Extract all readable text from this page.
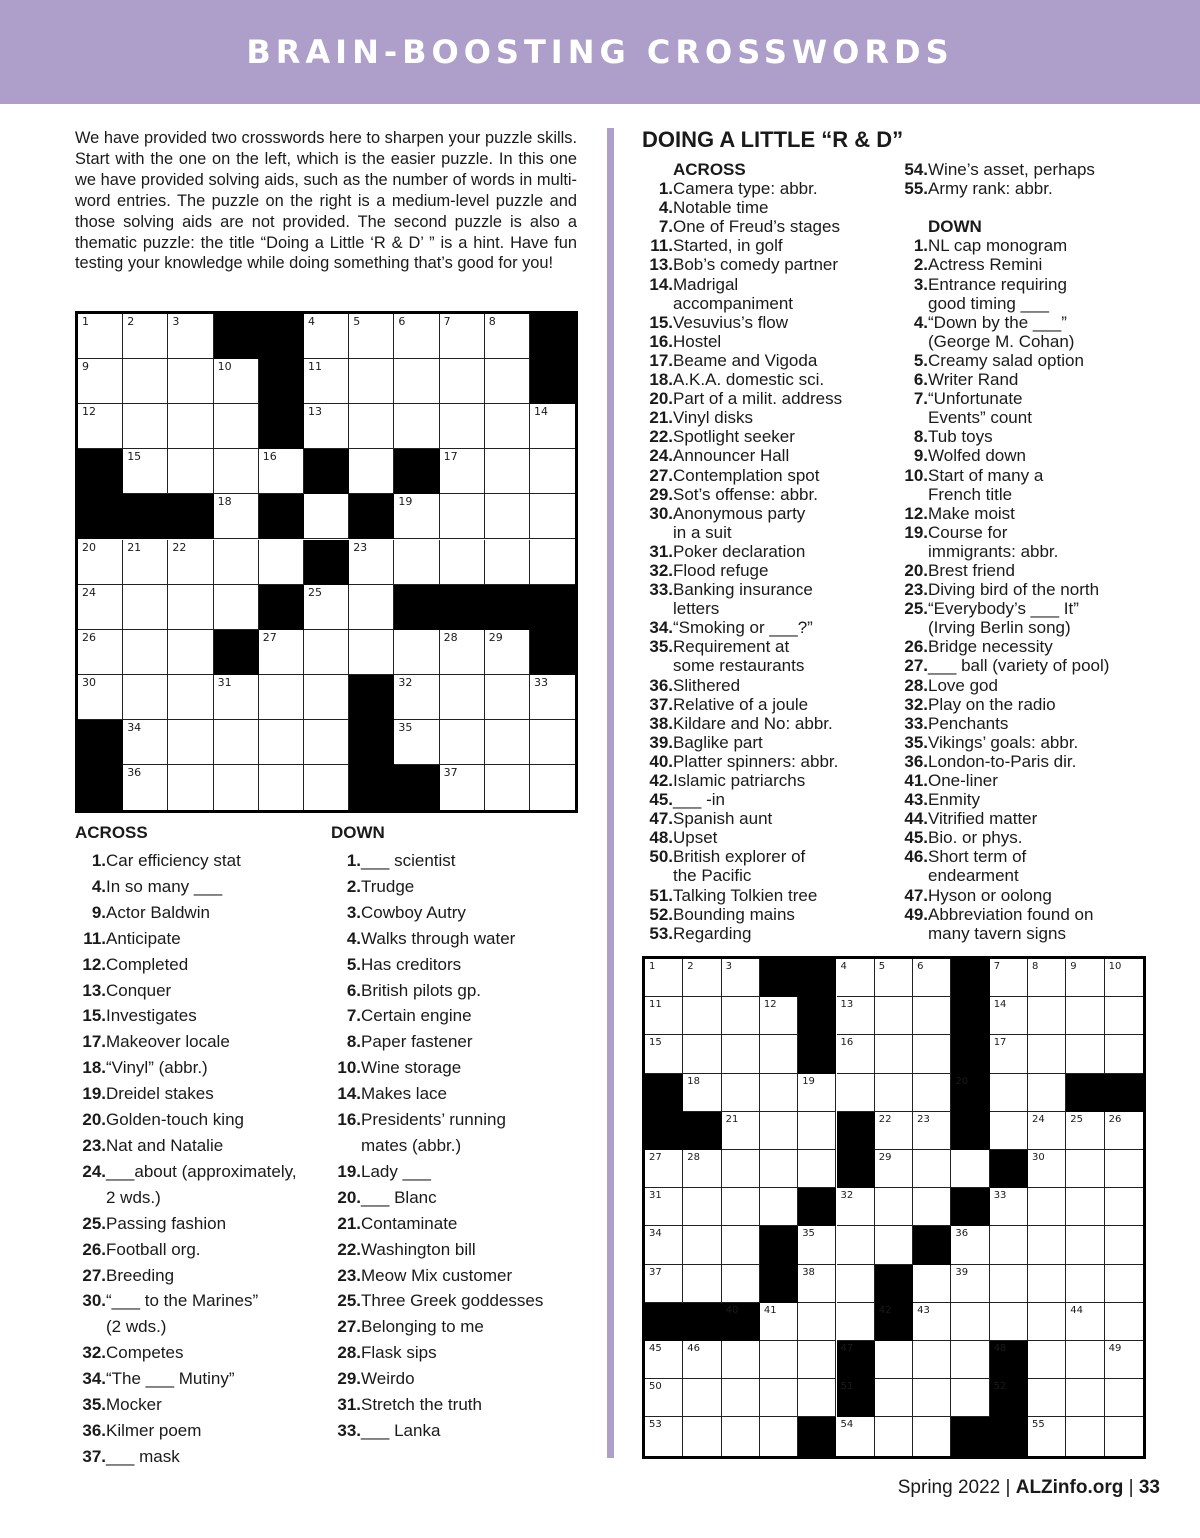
BRAIN-BOOSTING CROSSWORDS

We have provided two crosswords here to sharpen your puzzle skills. Start with the one on the left, which is the easier puzzle. In this one we have provided solving aids, such as the number of words in multi-word entries. The puzzle on the right is a medium-level puzzle and those solving aids are not provided. The second puzzle is also a thematic puzzle: the title “Doing a Little ‘R & D’ ” is a hint. Have fun testing your knowledge while doing something that’s good for you!

1	2	3	4	5	6	7	8
9	10	11
12	13	14
15	16	17
18	19
20	21	22	23
24	25
26	27	28	29
30	31	32	33
34	35
36	37
ACROSS
1. Car efficiency stat
4. In so many ___
9. Actor Baldwin
11. Anticipate
12. Completed
13. Conquer
15. Investigates
17. Makeover locale
18. “Vinyl” (abbr.)
19. Dreidel stakes
20. Golden-touch king
23. Nat and Natalie
24. ___about (approximately,
2 wds.)
25. Passing fashion
26. Football org.
27. Breeding
30. “___ to the Marines”
(2 wds.)
32. Competes
34. “The ___ Mutiny”
35. Mocker
36. Kilmer poem
37. ___ mask
DOWN
1. ___ scientist
2. Trudge
3. Cowboy Autry
4. Walks through water
5. Has creditors
6. British pilots gp.
7. Certain engine
8. Paper fastener
10. Wine storage
14. Makes lace
16. Presidents’ running
mates (abbr.)
19. Lady ___
20. ___ Blanc
21. Contaminate
22. Washington bill
23. Meow Mix customer
25. Three Greek goddesses
27. Belonging to me
28. Flask sips
29. Weirdo
31. Stretch the truth
33. ___ Lanka
DOING A LITTLE “R & D”
ACROSS
1. Camera type: abbr.
4. Notable time
7. One of Freud’s stages
11. Started, in golf
13. Bob’s comedy partner
14. Madrigal
accompaniment
15. Vesuvius’s flow
16. Hostel
17. Beame and Vigoda
18. A.K.A. domestic sci.
20. Part of a milit. address
21. Vinyl disks
22. Spotlight seeker
24. Announcer Hall
27. Contemplation spot
29. Sot’s offense: abbr.
30. Anonymous party
in a suit
31. Poker declaration
32. Flood refuge
33. Banking insurance
letters
34. “Smoking or ___?”
35. Requirement at
some restaurants
36. Slithered
37. Relative of a joule
38. Kildare and No: abbr.
39. Baglike part
40. Platter spinners: abbr.
42. Islamic patriarchs
45. ___ -in
47. Spanish aunt
48. Upset
50. British explorer of
the Pacific
51. Talking Tolkien tree
52. Bounding mains
53. Regarding
54. Wine’s asset, perhaps
55. Army rank: abbr.
DOWN
1. NL cap monogram
2. Actress Remini
3. Entrance requiring
good timing ___
4. “Down by the ___”
(George M. Cohan)
5. Creamy salad option
6. Writer Rand
7. “Unfortunate
Events” count
8. Tub toys
9. Wolfed down
10. Start of many a
French title
12. Make moist
19. Course for
immigrants: abbr.
20. Brest friend
23. Diving bird of the north
25. “Everybody’s ___ It”
(Irving Berlin song)
26. Bridge necessity
27. ___ ball (variety of pool)
28. Love god
32. Play on the radio
33. Penchants
35. Vikings’ goals: abbr.
36. London-to-Paris dir.
41. One-liner
43. Enmity
44. Vitrified matter
45. Bio. or phys.
46. Short term of
endearment
47. Hyson or oolong
49. Abbreviation found on
many tavern signs
1	2	3	4	5	6	7	8	9	10
11	12	13	14
15	16	17
18	19	20
21	22	23	24	25	26
27	28	29	30
31	32	33
34	35	36
37	38	39
40	41	42	43	44
45	46	47	48	49
50	51	52
53	54	55
Spring 2022 | ALZinfo.org | 33
